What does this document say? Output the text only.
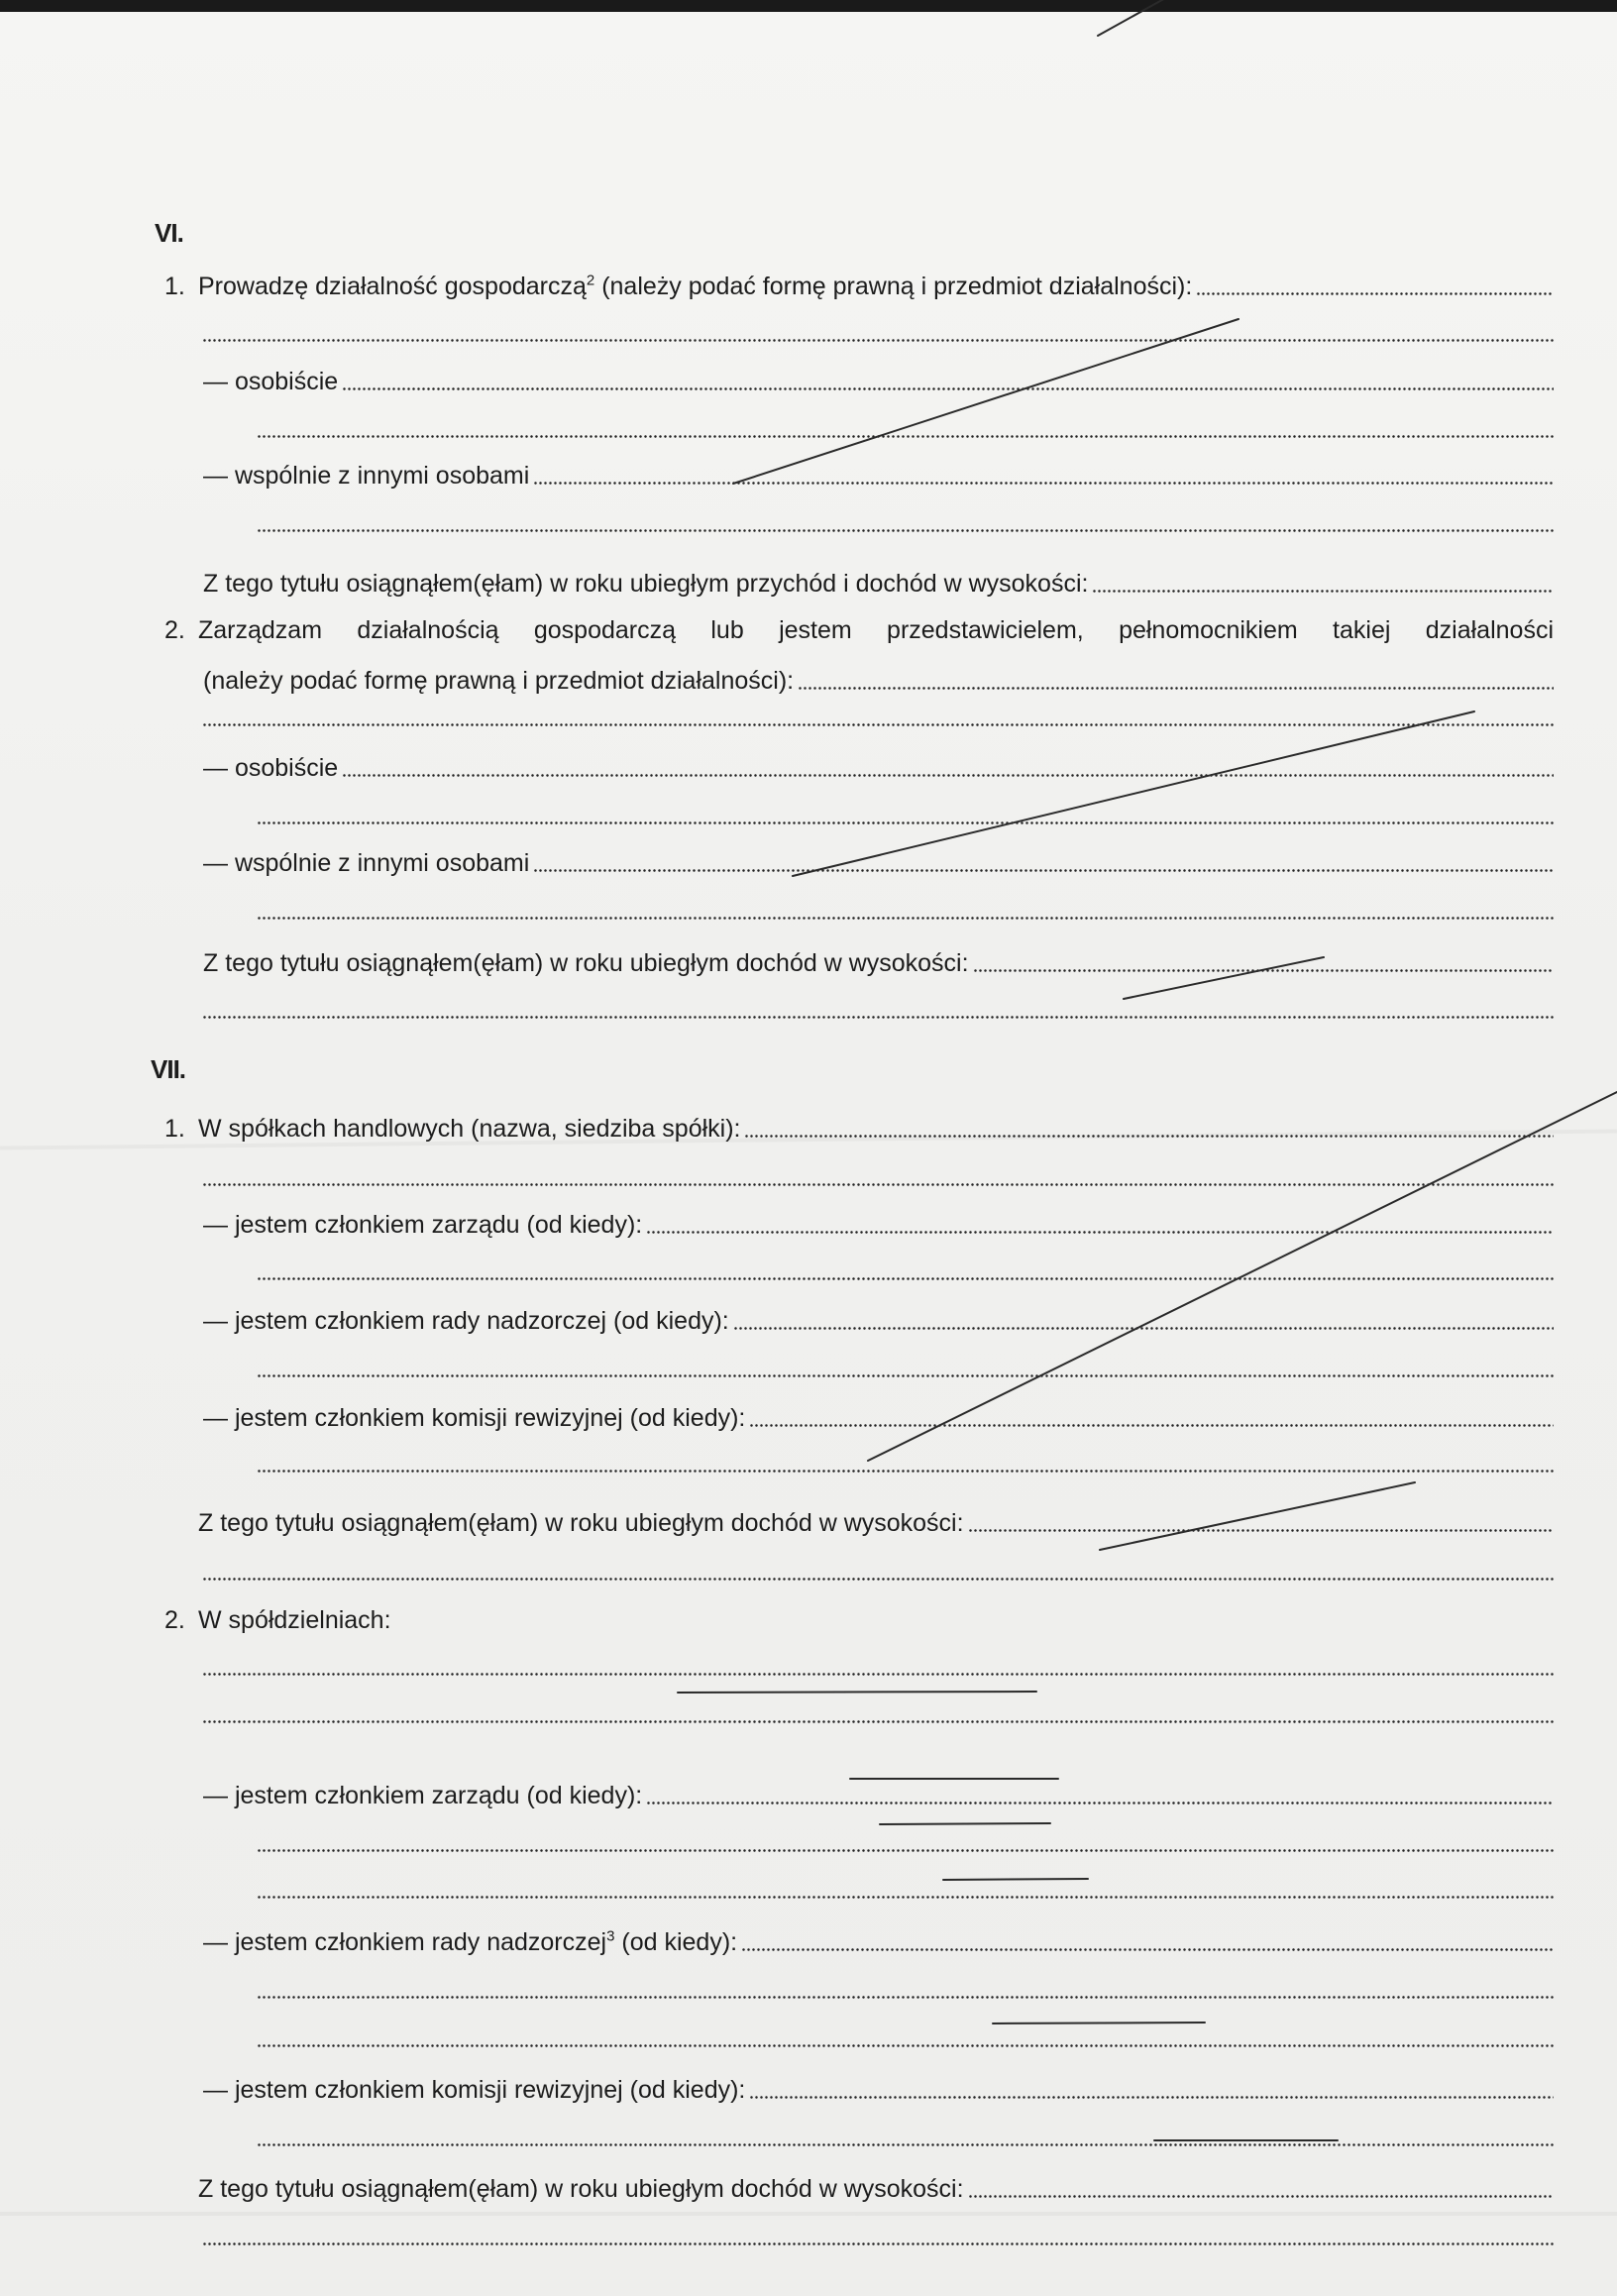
VI.
1. Prowadzę działalność gospodarczą$^2$ (należy podać formę prawną i przedmiot działalności):
— osobiście
— wspólnie z innymi osobami
Z tego tytułu osiągnąłem(ęłam) w roku ubiegłym przychód i dochód w wysokości:
2. Zarządzam działalnością gospodarczą lub jestem przedstawicielem, pełnomocnikiem takiej działalności
(należy podać formę prawną i przedmiot działalności):
— osobiście
— wspólnie z innymi osobami
Z tego tytułu osiągnąłem(ęłam) w roku ubiegłym dochód w wysokości:
VII.
1. W spółkach handlowych (nazwa, siedziba spółki):
— jestem członkiem zarządu (od kiedy):
— jestem członkiem rady nadzorczej (od kiedy):
— jestem członkiem komisji rewizyjnej (od kiedy):
Z tego tytułu osiągnąłem(ęłam) w roku ubiegłym dochód w wysokości:
2. W spółdzielniach:
— jestem członkiem zarządu (od kiedy):
— jestem członkiem rady nadzorczej$^3$ (od kiedy):
— jestem członkiem komisji rewizyjnej (od kiedy):
Z tego tytułu osiągnąłem(ęłam) w roku ubiegłym dochód w wysokości:
